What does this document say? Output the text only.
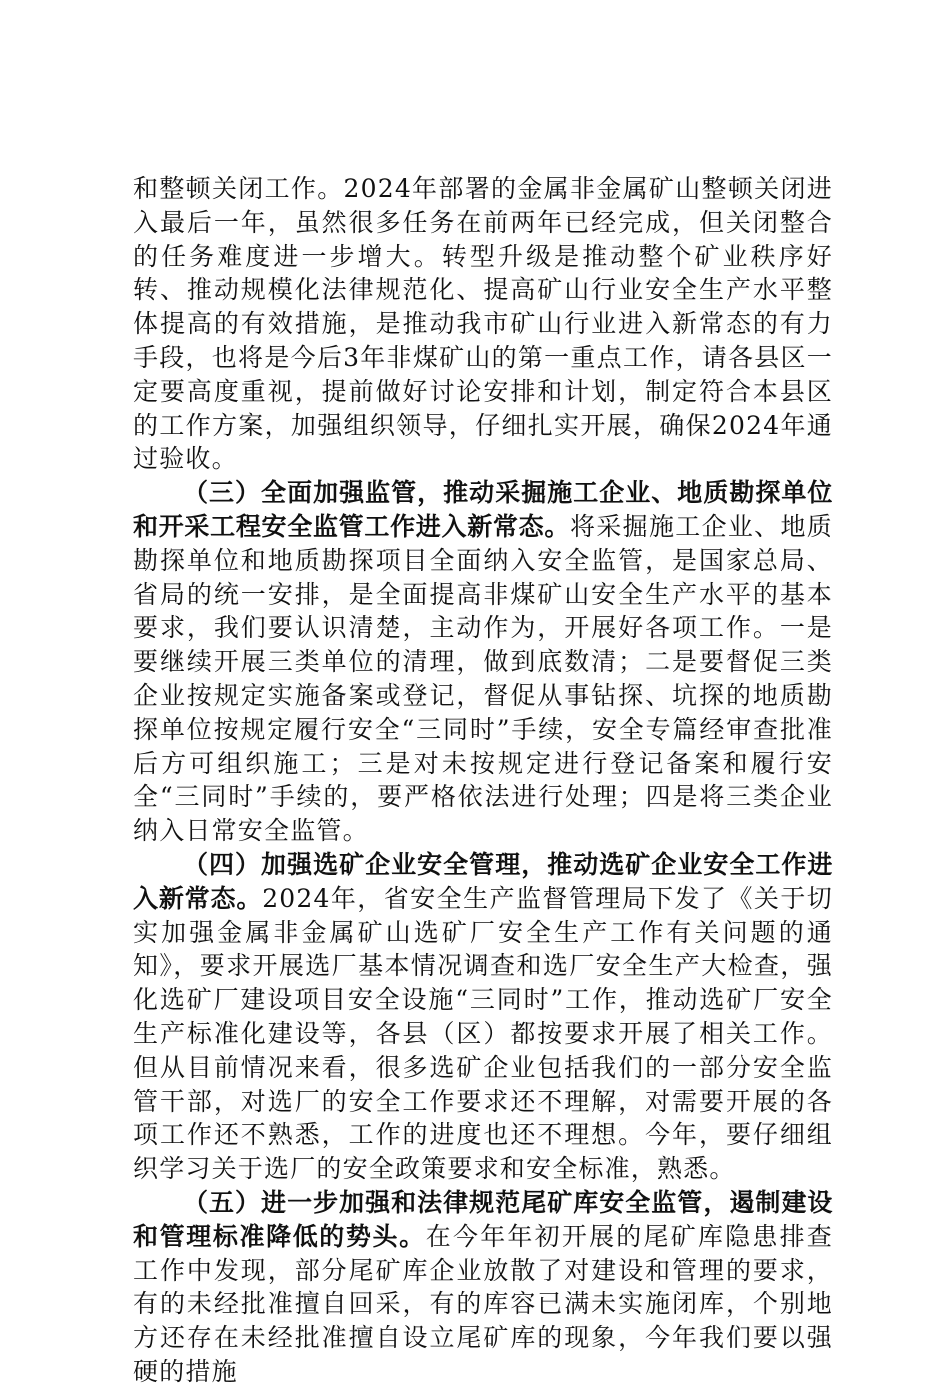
和整顿关闭工作。2024年部署的金属非金属矿山整顿关闭进入最后一年，虽然很多任务在前两年已经完成，但关闭整合的任务难度进一步增大。转型升级是推动整个矿业秩序好转、推动规模化法律规范化、提高矿山行业安全生产水平整体提高的有效措施，是推动我市矿山行业进入新常态的有力手段，也将是今后3年非煤矿山的第一重点工作，请各县区一定要高度重视，提前做好讨论安排和计划，制定符合本县区的工作方案，加强组织领导，仔细扎实开展，确保2024年通过验收。

（三）全面加强监管，推动采掘施工企业、地质勘探单位和开采工程安全监管工作进入新常态。将采掘施工企业、地质勘探单位和地质勘探项目全面纳入安全监管，是国家总局、省局的统一安排，是全面提高非煤矿山安全生产水平的基本要求，我们要认识清楚，主动作为，开展好各项工作。一是要继续开展三类单位的清理，做到底数清；二是要督促三类企业按规定实施备案或登记，督促从事钻探、坑探的地质勘探单位按规定履行安全“三同时”手续，安全专篇经审查批准后方可组织施工；三是对未按规定进行登记备案和履行安全“三同时”手续的，要严格依法进行处理；四是将三类企业纳入日常安全监管。

（四）加强选矿企业安全管理，推动选矿企业安全工作进入新常态。2024年，省安全生产监督管理局下发了《关于切实加强金属非金属矿山选矿厂安全生产工作有关问题的通知》，要求开展选厂基本情况调查和选厂安全生产大检查，强化选矿厂建设项目安全设施“三同时”工作，推动选矿厂安全生产标准化建设等，各县（区）都按要求开展了相关工作。但从目前情况来看，很多选矿企业包括我们的一部分安全监管干部，对选厂的安全工作要求还不理解，对需要开展的各项工作还不熟悉，工作的进度也还不理想。今年，要仔细组织学习关于选厂的安全政策要求和安全标准，熟悉。

（五）进一步加强和法律规范尾矿库安全监管，遏制建设和管理标准降低的势头。在今年年初开展的尾矿库隐患排查工作中发现，部分尾矿库企业放散了对建设和管理的要求，有的未经批准擅自回采，有的库容已满未实施闭库，个别地方还存在未经批准擅自设立尾矿库的现象，今年我们要以强硬的措施
